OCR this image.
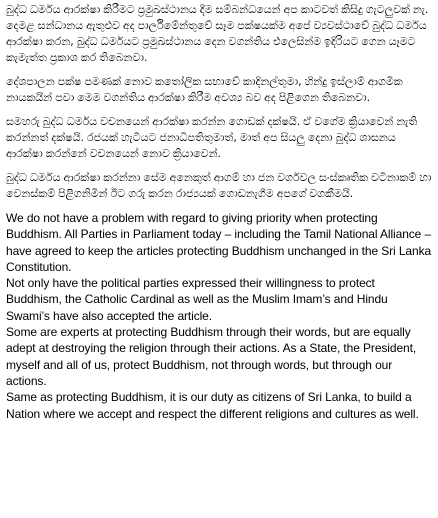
බුද්ධ ධර්මය ආරක්ෂා කිරීමට ප්‍රමුඛස්ථානය දීම සම්බන්ධයෙන් අප කාටවත් කිසිදු ගැටලුවක් නැ. දෙමළ සන්ධානය ඇතුළුව අද පාර්ලිමේන්තුවේ සෑම පක්ෂයක්ම අපේ ව්‍යවස්ථාවේ බුද්ධ ධර්මය ආරක්ෂා කරන, බුද්ධ ධර්මයට ප්‍රමුඛස්ථානය දෙන වගන්තිය එලෙසින්ම ඉදිරියට ගෙන යෑමට කැමැත්ත ප්‍රකාශ කර තිබෙනවා.

දේශපාලන පක්ෂ පමණක් නොව කතෝලික සභාවේ කාදිනල්තුමා, හින්දු ඉස්ලාම් ආගමික නායකයින් පවා මෙම වගන්තිය ආරක්ෂා කිරීම අවශ්‍ය බව අද පිළිගෙන තිබෙනවා.

සමහරු බුද්ධ ධර්මය වචනයෙන් ආරක්ෂා කරන්න ගොඩක් දක්ෂයි. ඒ වගේම ක්‍රියාවෙන් නැති කරන්නත් දක්ෂයි. රජයක් හැටියට ජනාධිපතිතුමාත්, මාත් අප සියලු දෙනා බුද්ධ ශාසනය ආරක්ෂා කරන්නේ වචනයෙන් නොව ක්‍රියාවෙන්.

බුද්ධ ධර්මය ආරක්ෂා කරන්නා සේම අනෙකුත් ආගම් හා ජන වර්ගවල සංස්කෘතික වටිනාකම් හා වෙනස්කම් පිළිගනිමින් ඊට ගරු කරන රාජ්‍යයක් ගොඩනැගීම අපගේ වගකීමයි.

We do not have a problem with regard to giving priority when protecting Buddhism. All Parties in Parliament today – including the Tamil National Alliance – have agreed to keep the articles protecting Buddhism unchanged in the Sri Lanka Constitution.

Not only have the political parties expressed their willingness to protect Buddhism, the Catholic Cardinal as well as the Muslim Imam’s and Hindu Swami’s have also accepted the article.

Some are experts at protecting Buddhism through their words, but are equally adept at destroying the religion through their actions. As a State, the President, myself and all of us, protect Buddhism, not through words, but through our actions.

Same as protecting Buddhism, it is our duty as citizens of Sri Lanka, to build a Nation where we accept and respect the different religions and cultures as well.
